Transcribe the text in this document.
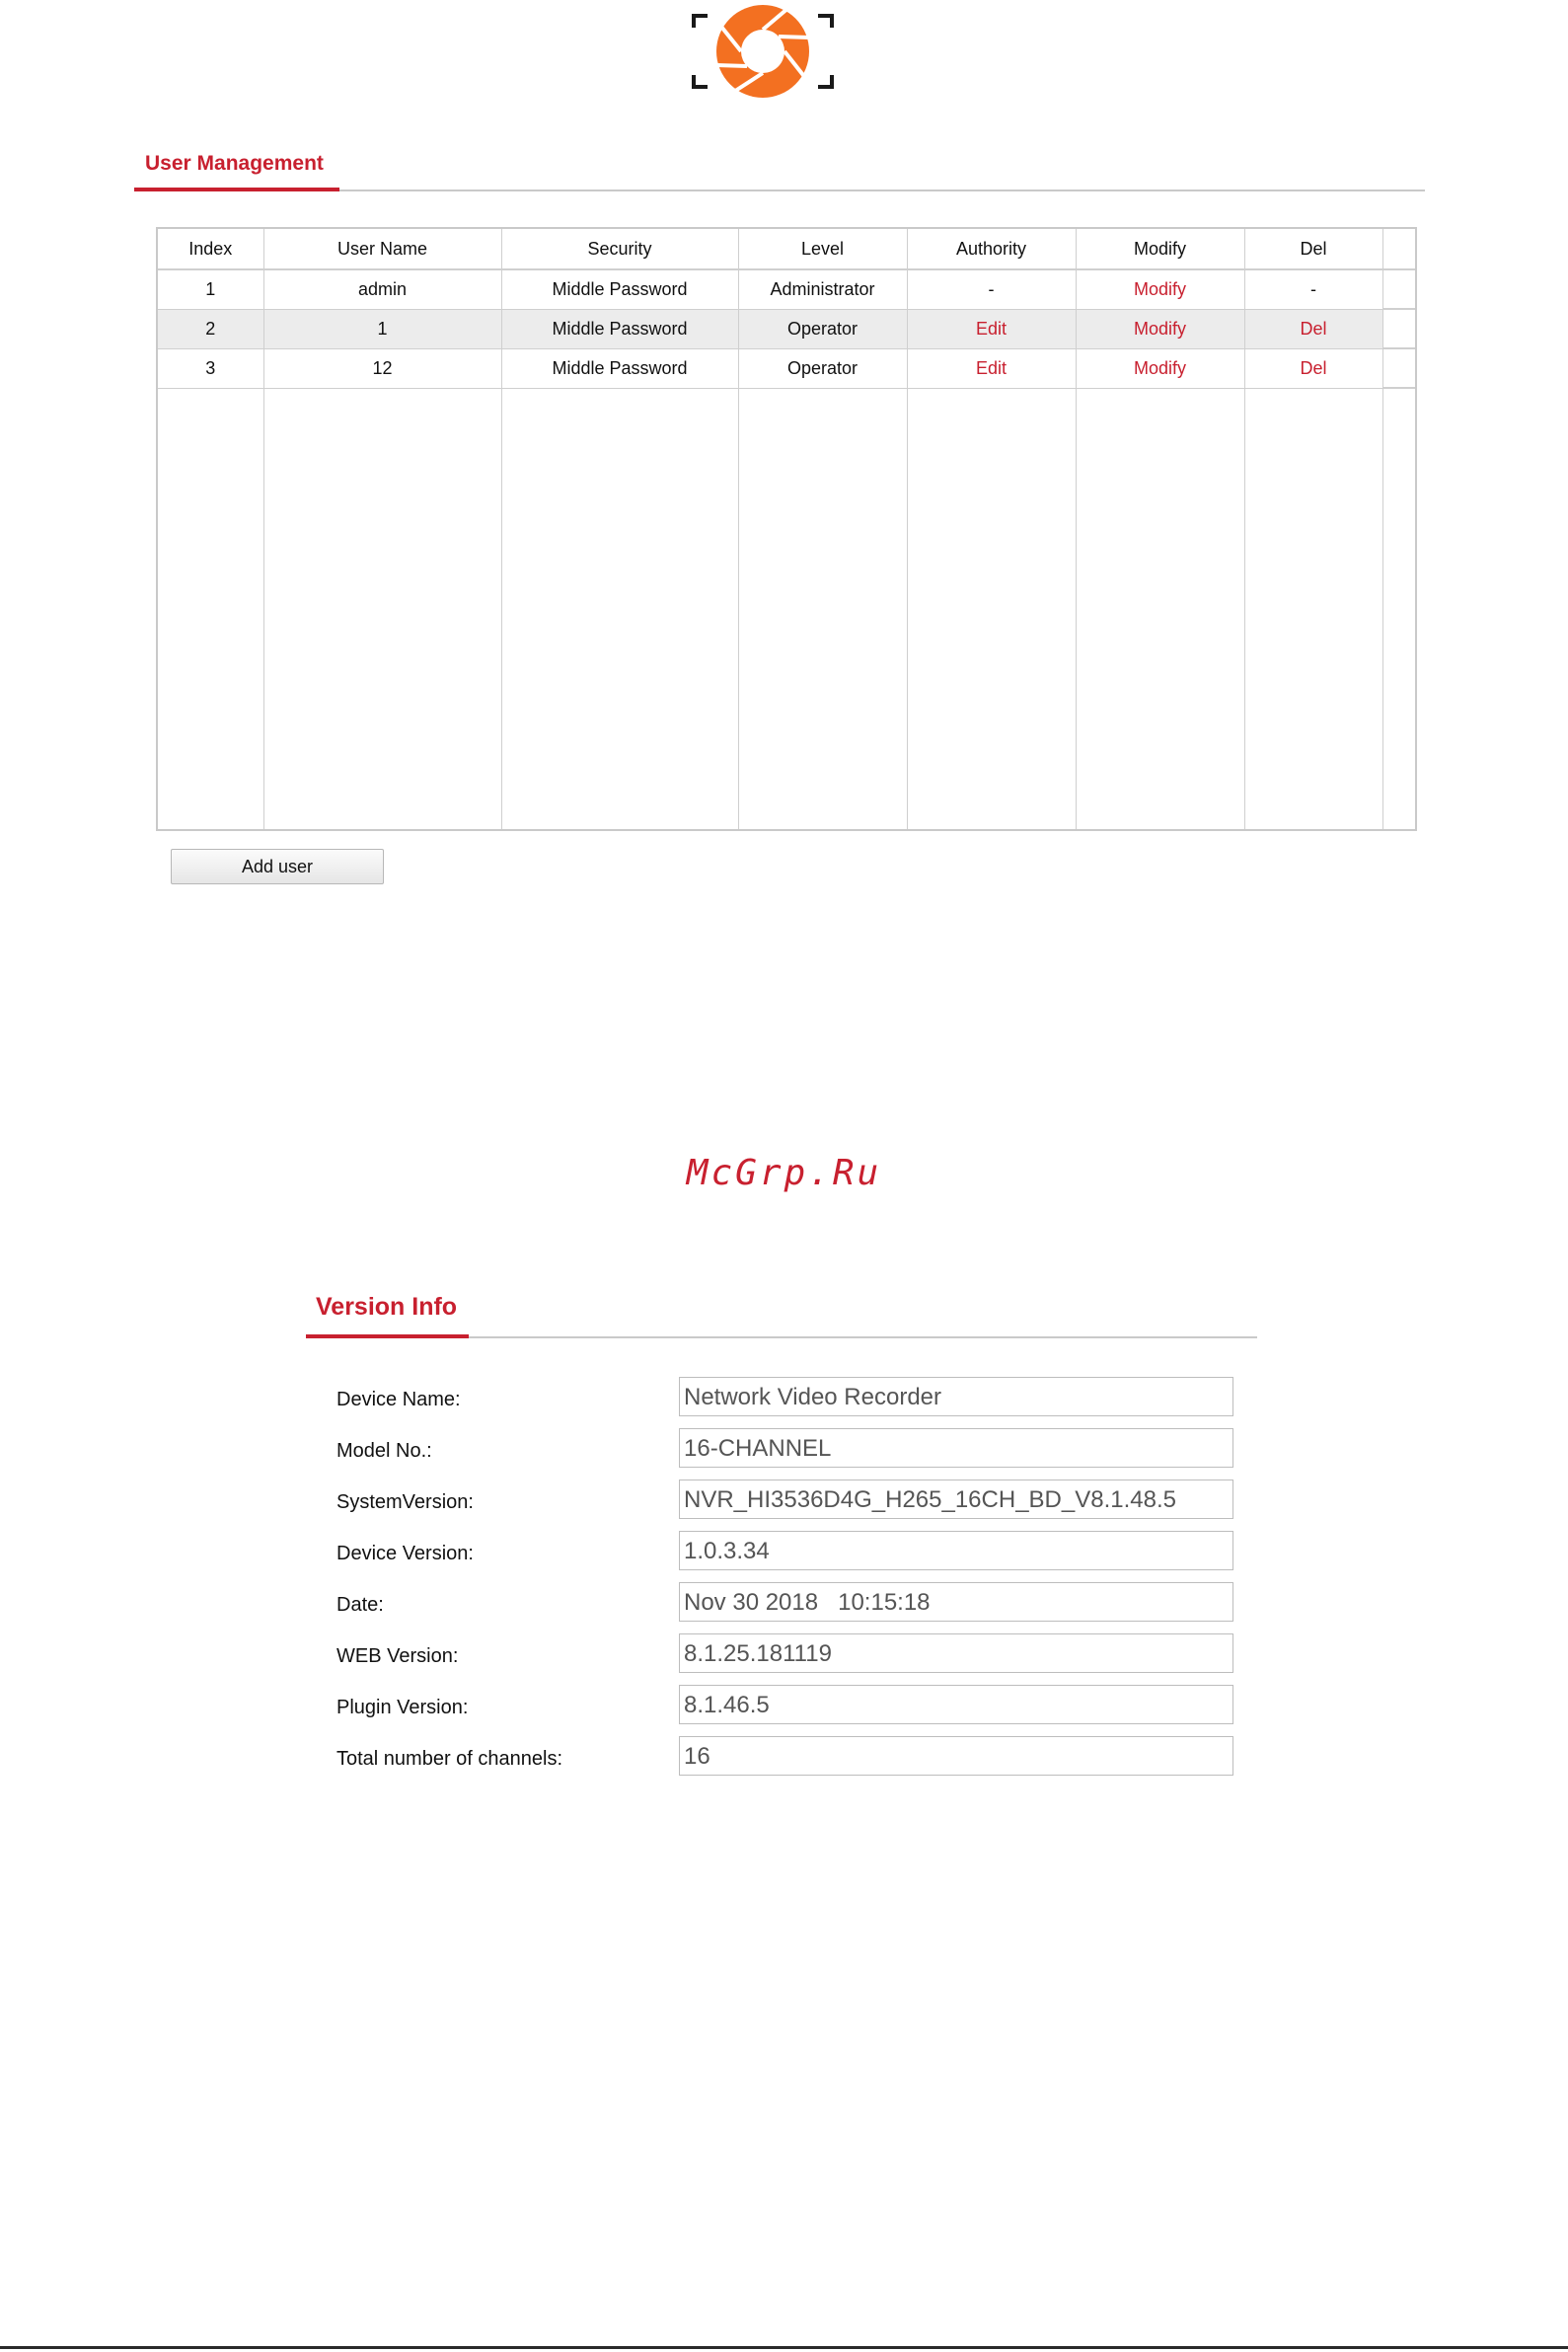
User Management
Index	User Name	Security	Level	Authority	Modify	Del
1	admin	Middle Password	Administrator	-	Modify	-
2	1	Middle Password	Operator	Edit	Modify	Del
3	12	Middle Password	Operator	Edit	Modify	Del

Add user
McGrp.Ru
Version Info
Device Name:
Network Video Recorder
Model No.:
16-CHANNEL
SystemVersion:
NVR_HI3536D4G_H265_16CH_BD_V8.1.48.5
Device Version:
1.0.3.34
Date:
Nov 30 2018 10:15:18
WEB Version:
8.1.25.181119
Plugin Version:
8.1.46.5
Total number of channels:
16
